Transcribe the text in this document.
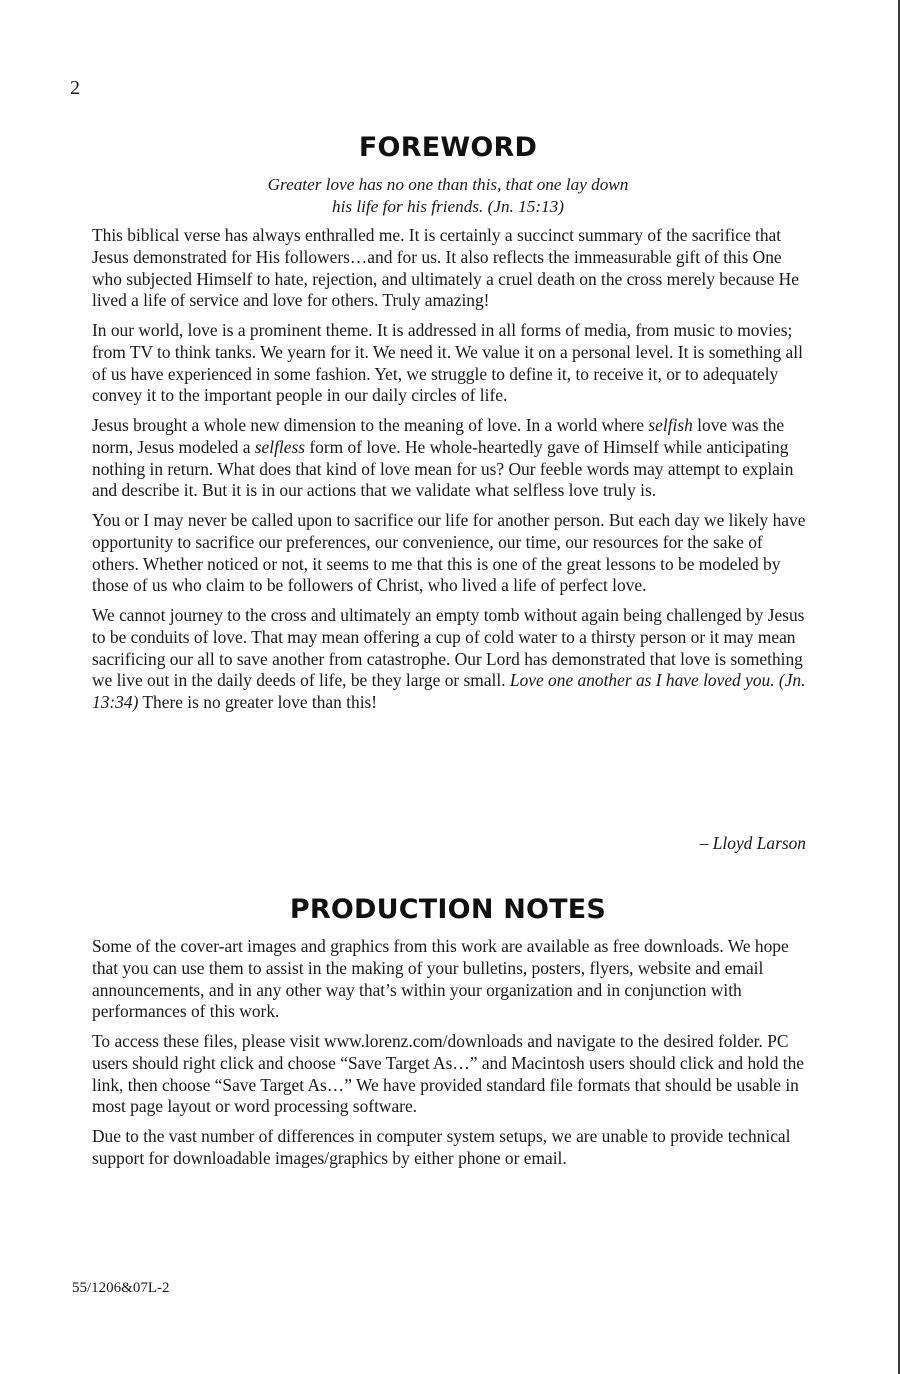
2
FOREWORD
Greater love has no one than this, that one lay down
his life for his friends. (Jn. 15:13)

This biblical verse has always enthralled me. It is certainly a succinct summary of the sacrifice that Jesus demonstrated for His followers…and for us. It also reflects the immeasurable gift of this One who subjected Himself to hate, rejection, and ultimately a cruel death on the cross merely because He lived a life of service and love for others. Truly amazing!

In our world, love is a prominent theme. It is addressed in all forms of media, from music to movies; from TV to think tanks. We yearn for it. We need it. We value it on a personal level. It is something all of us have experienced in some fashion. Yet, we struggle to define it, to receive it, or to adequately convey it to the important people in our daily circles of life.

Jesus brought a whole new dimension to the meaning of love. In a world where selfish love was the norm, Jesus modeled a selfless form of love. He whole-heartedly gave of Himself while anticipating nothing in return. What does that kind of love mean for us? Our feeble words may attempt to explain and describe it. But it is in our actions that we validate what selfless love truly is.

You or I may never be called upon to sacrifice our life for another person. But each day we likely have opportunity to sacrifice our preferences, our convenience, our time, our resources for the sake of others. Whether noticed or not, it seems to me that this is one of the great lessons to be modeled by those of us who claim to be followers of Christ, who lived a life of perfect love.

We cannot journey to the cross and ultimately an empty tomb without again being challenged by Jesus to be conduits of love. That may mean offering a cup of cold water to a thirsty person or it may mean sacrificing our all to save another from catastrophe. Our Lord has demonstrated that love is something we live out in the daily deeds of life, be they large or small. Love one another as I have loved you. (Jn. 13:34) There is no greater love than this!

– Lloyd Larson
PRODUCTION NOTES

Some of the cover-art images and graphics from this work are available as free downloads. We hope that you can use them to assist in the making of your bulletins, posters, flyers, website and email announcements, and in any other way that’s within your organization and in conjunction with performances of this work.

To access these files, please visit www.lorenz.com/downloads and navigate to the desired folder. PC users should right click and choose “Save Target As…” and Macintosh users should click and hold the link, then choose “Save Target As…” We have provided standard file formats that should be usable in most page layout or word processing software.

Due to the vast number of differences in computer system setups, we are unable to provide technical support for downloadable images/graphics by either phone or email.

55/1206&07L-2
